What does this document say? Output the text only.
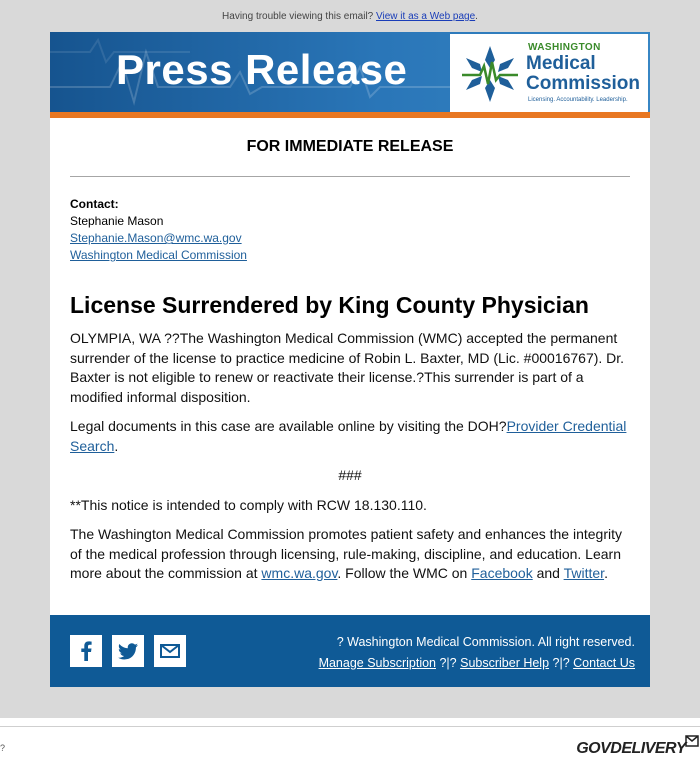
Having trouble viewing this email? View it as a Web page.
Press Release	WASHINGTON
Medical
Commission
Licensing. Accountability. Leadership.
FOR IMMEDIATE RELEASE
Contact:
Stephanie Mason
Stephanie.Mason@wmc.wa.gov
Washington Medical Commission
License Surrendered by King County Physician

OLYMPIA, WA ??The Washington Medical Commission (WMC) accepted the permanent surrender of the license to practice medicine of Robin L. Baxter, MD (Lic. #00016767). Dr. Baxter is not eligible to renew or reactivate their license.?This surrender is part of a modified informal disposition.

Legal documents in this case are available online by visiting the DOH?Provider Credential Search.

###

**This notice is intended to comply with RCW 18.130.110.

The Washington Medical Commission promotes patient safety and enhances the integrity of the medical profession through licensing, rule-making, discipline, and education. Learn more about the commission at wmc.wa.gov. Follow the WMC on Facebook and Twitter.

? Washington Medical Commission. All right reserved.
Manage Subscription ?|? Subscriber Help ?|? Contact Us
?	GOVDELIVERY
